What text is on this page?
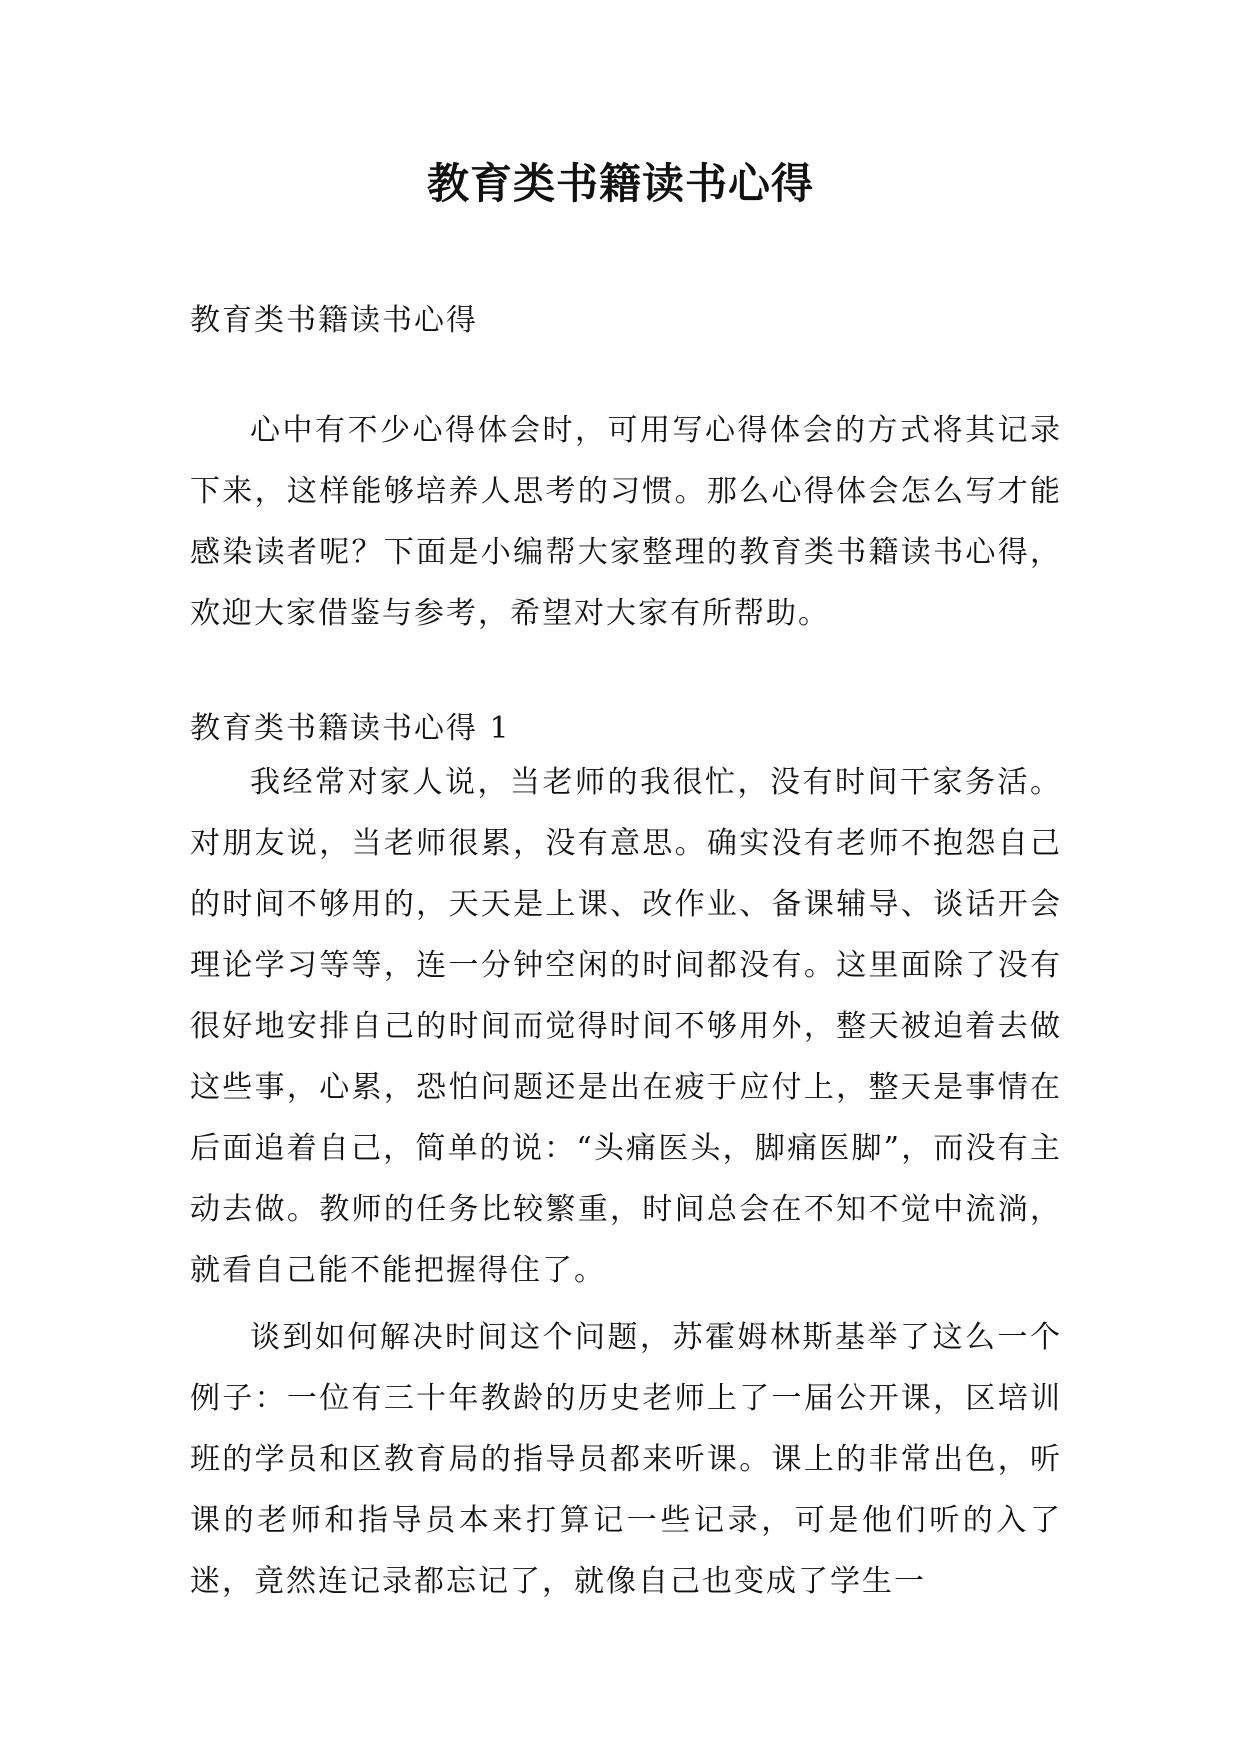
教育类书籍读书心得

教育类书籍读书心得

心中有不少心得体会时，可用写心得体会的方式将其记录下来，这样能够培养人思考的习惯。那么心得体会怎么写才能感染读者呢？下面是小编帮大家整理的教育类书籍读书心得，欢迎大家借鉴与参考，希望对大家有所帮助。

教育类书籍读书心得 1

我经常对家人说，当老师的我很忙，没有时间干家务活。对朋友说，当老师很累，没有意思。确实没有老师不抱怨自己的时间不够用的，天天是上课、改作业、备课辅导、谈话开会理论学习等等，连一分钟空闲的时间都没有。这里面除了没有很好地安排自己的时间而觉得时间不够用外，整天被迫着去做这些事，心累，恐怕问题还是出在疲于应付上，整天是事情在后面追着自己，简单的说：“头痛医头，脚痛医脚”，而没有主动去做。教师的任务比较繁重，时间总会在不知不觉中流淌，就看自己能不能把握得住了。

谈到如何解决时间这个问题，苏霍姆林斯基举了这么一个例子：一位有三十年教龄的历史老师上了一届公开课，区培训班的学员和区教育局的指导员都来听课。课上的非常出色，听课的老师和指导员本来打算记一些记录，可是他们听的入了迷，竟然连记录都忘记了，就像自己也变成了学生一
